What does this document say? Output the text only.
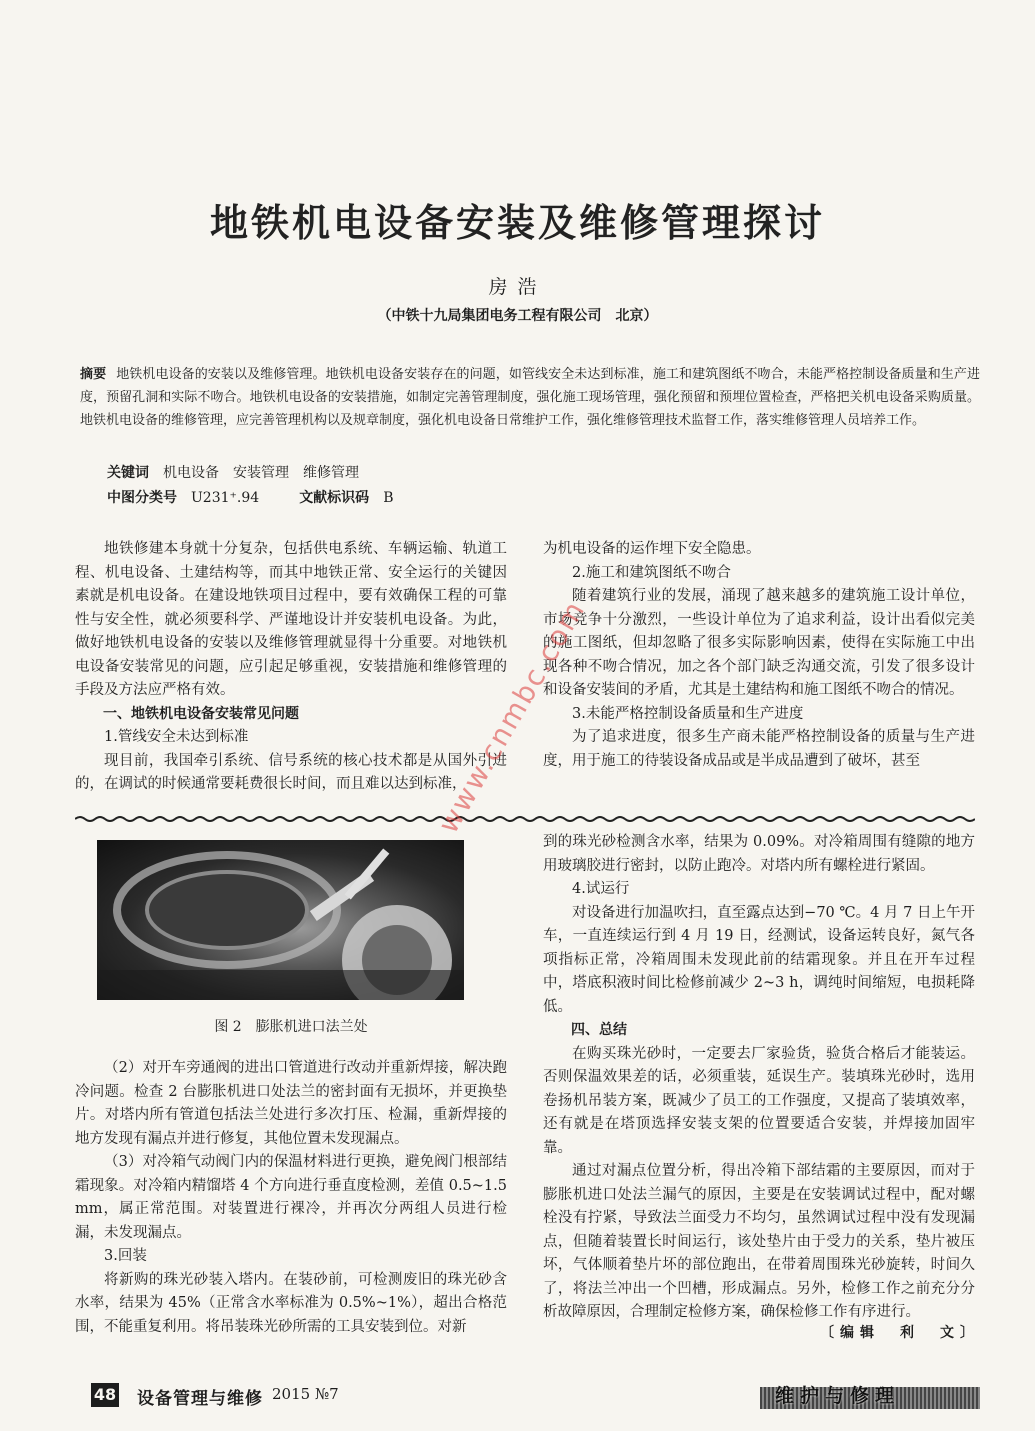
地铁机电设备安装及维修管理探讨
房浩
（中铁十九局集团电务工程有限公司　北京）
摘要 地铁机电设备的安装以及维修管理。地铁机电设备安装存在的问题，如管线安全未达到标准，施工和建筑图纸不吻合，未能严格控制设备质量和生产进度，预留孔洞和实际不吻合。地铁机电设备的安装措施，如制定完善管理制度，强化施工现场管理，强化预留和预埋位置检查，严格把关机电设备采购质量。地铁机电设备的维修管理，应完善管理机构以及规章制度，强化机电设备日常维护工作，强化维修管理技术监督工作，落实维修管理人员培养工作。
关键词 机电设备　安装管理　维修管理
中图分类号 U231⁺.94	文献标识码 B

地铁修建本身就十分复杂，包括供电系统、车辆运输、轨道工程、机电设备、土建结构等，而其中地铁正常、安全运行的关键因素就是机电设备。在建设地铁项目过程中，要有效确保工程的可靠性与安全性，就必须要科学、严谨地设计并安装机电设备。为此，做好地铁机电设备的安装以及维修管理就显得十分重要。对地铁机电设备安装常见的问题，应引起足够重视，安装措施和维修管理的手段及方法应严格有效。

一、地铁机电设备安装常见问题

1.管线安全未达到标准

现目前，我国牵引系统、信号系统的核心技术都是从国外引进的，在调试的时候通常要耗费很长时间，而且难以达到标准，

为机电设备的运作埋下安全隐患。

2.施工和建筑图纸不吻合

随着建筑行业的发展，涌现了越来越多的建筑施工设计单位，市场竞争十分激烈，一些设计单位为了追求利益，设计出看似完美的施工图纸，但却忽略了很多实际影响因素，使得在实际施工中出现各种不吻合情况，加之各个部门缺乏沟通交流，引发了很多设计和设备安装间的矛盾，尤其是土建结构和施工图纸不吻合的情况。

3.未能严格控制设备质量和生产进度

为了追求进度，很多生产商未能严格控制设备的质量与生产进度，用于施工的待装设备成品或是半成品遭到了破坏，甚至

图 2　膨胀机进口法兰处

（2）对开车旁通阀的进出口管道进行改动并重新焊接，解决跑冷问题。检查 2 台膨胀机进口处法兰的密封面有无损坏，并更换垫片。对塔内所有管道包括法兰处进行多次打压、检漏，重新焊接的地方发现有漏点并进行修复，其他位置未发现漏点。

（3）对冷箱气动阀门内的保温材料进行更换，避免阀门根部结霜现象。对冷箱内精馏塔 4 个方向进行垂直度检测，差值 0.5~1.5 mm，属正常范围。对装置进行裸冷，并再次分两组人员进行检漏，未发现漏点。

3.回装

将新购的珠光砂装入塔内。在装砂前，可检测废旧的珠光砂含水率，结果为 45%（正常含水率标准为 0.5%~1%），超出合格范围，不能重复利用。将吊装珠光砂所需的工具安装到位。对新

到的珠光砂检测含水率，结果为 0.09%。对冷箱周围有缝隙的地方用玻璃胶进行密封，以防止跑冷。对塔内所有螺栓进行紧固。

4.试运行

对设备进行加温吹扫，直至露点达到−70 ℃。4 月 7 日上午开车，一直连续运行到 4 月 19 日，经测试，设备运转良好，氮气各项指标正常，冷箱周围未发现此前的结霜现象。并且在开车过程中，塔底积液时间比检修前减少 2~3 h，调纯时间缩短，电损耗降低。

四、总结

在购买珠光砂时，一定要去厂家验货，验货合格后才能装运。否则保温效果差的话，必须重装，延误生产。装填珠光砂时，选用卷扬机吊装方案，既减少了员工的工作强度，又提高了装填效率，还有就是在塔顶选择安装支架的位置要适合安装，并焊接加固牢靠。

通过对漏点位置分析，得出冷箱下部结霜的主要原因，而对于膨胀机进口处法兰漏气的原因，主要是在安装调试过程中，配对螺栓没有拧紧，导致法兰面受力不均匀，虽然调试过程中没有发现漏点，但随着装置长时间运行，该处垫片由于受力的关系，垫片被压坏，气体顺着垫片坏的部位跑出，在带着周围珠光砂旋转，时间久了，将法兰冲出一个凹槽，形成漏点。另外，检修工作之前充分分析故障原因，合理制定检修方案，确保检修工作有序进行。

〔编辑　利　文〕
www.cnmbc.com
48 设备管理与维修 2015 №7	维护与修理
